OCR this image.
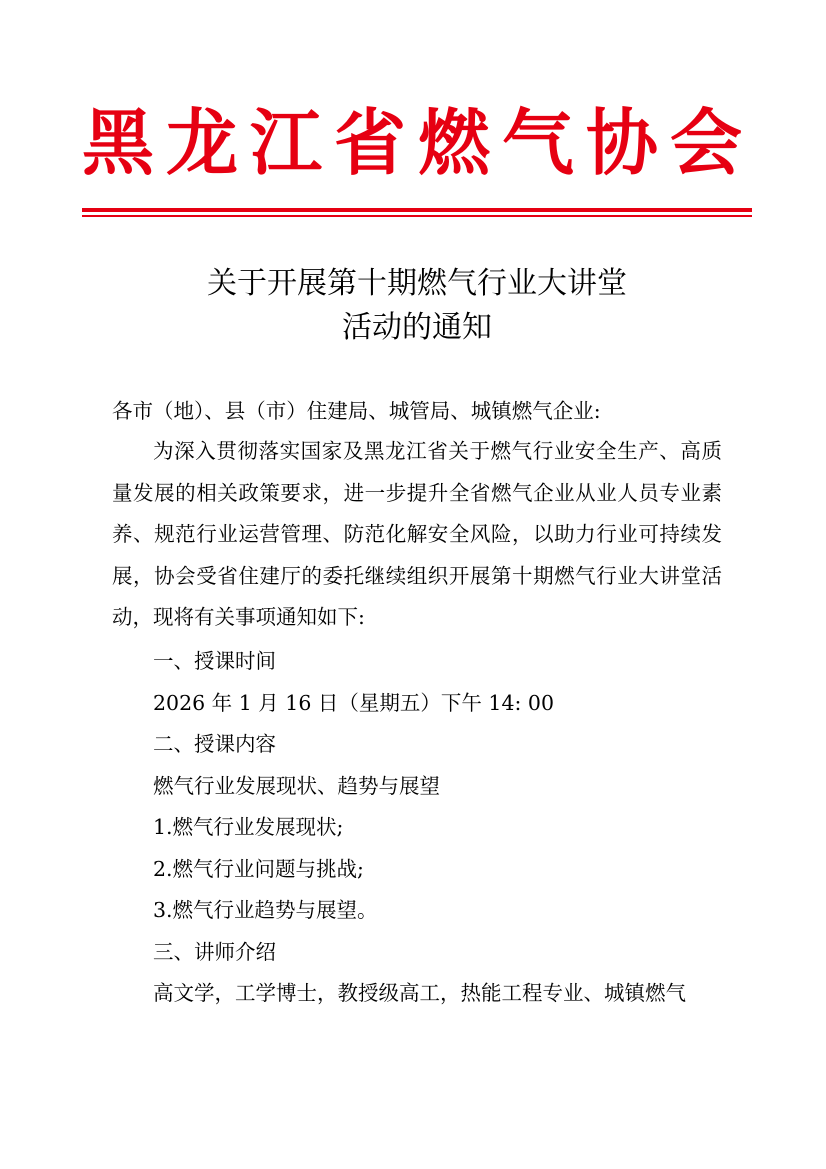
黑龙江省燃气协会
关于开展第十期燃气行业大讲堂
活动的通知
各市（地）、县（市）住建局、城管局、城镇燃气企业:
为深入贯彻落实国家及黑龙江省关于燃气行业安全生产、高质量发展的相关政策要求，进一步提升全省燃气企业从业人员专业素养、规范行业运营管理、防范化解安全风险，以助力行业可持续发展，协会受省住建厅的委托继续组织开展第十期燃气行业大讲堂活动，现将有关事项通知如下:
一、授课时间
2026 年 1 月 16 日（星期五）下午 14: 00
二、授课内容
燃气行业发展现状、趋势与展望
1.燃气行业发展现状;
2.燃气行业问题与挑战;
3.燃气行业趋势与展望。
三、讲师介绍
高文学，工学博士，教授级高工，热能工程专业、城镇燃气
